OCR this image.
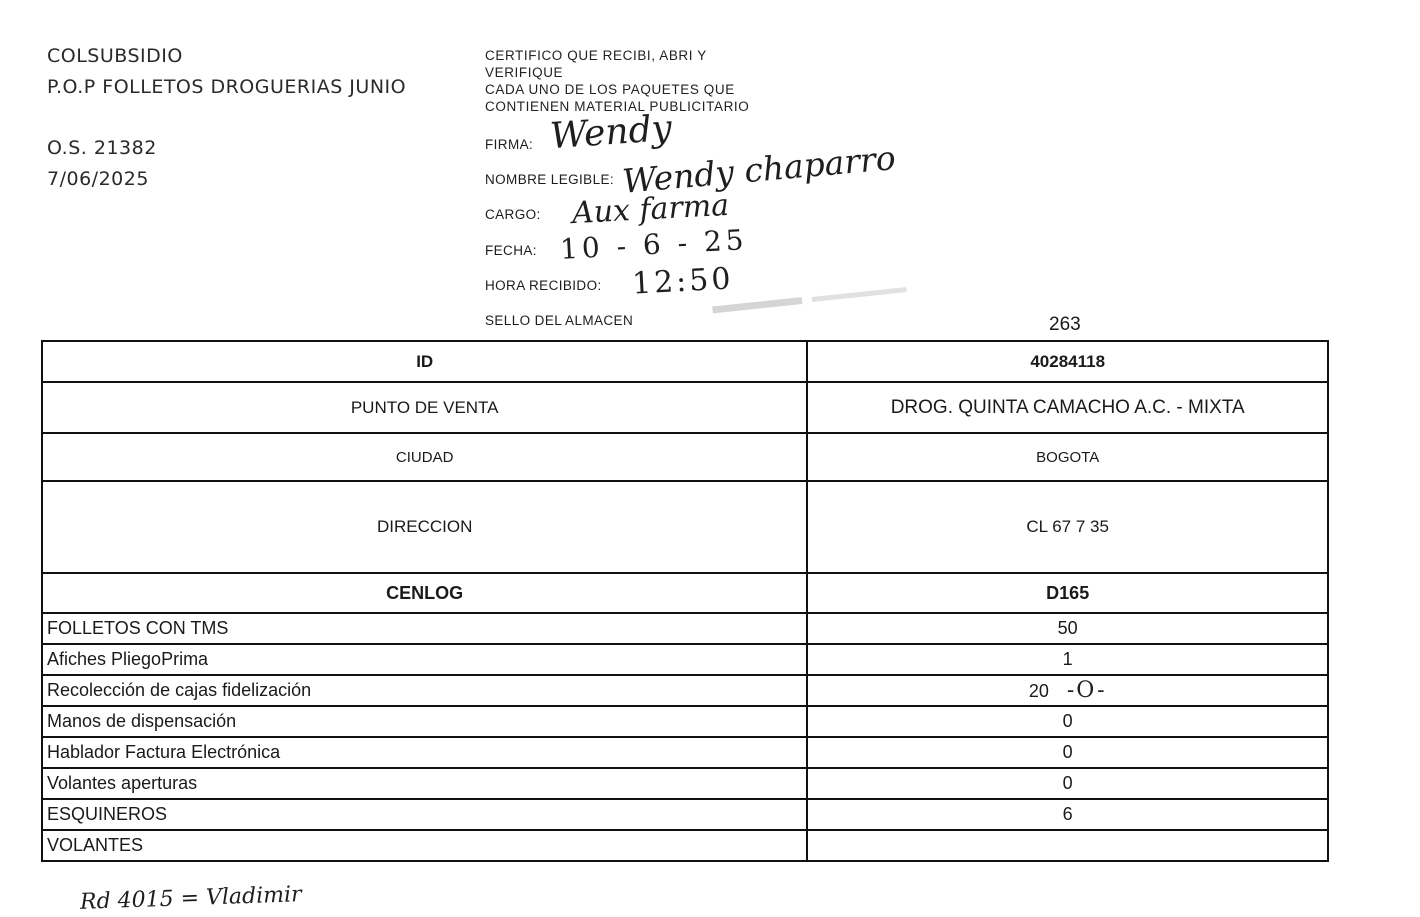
COLSUBSIDIO
P.O.P FOLLETOS DROGUERIAS JUNIO
O.S. 21382
7/06/2025
CERTIFICO QUE RECIBI, ABRI Y
VERIFIQUE
CADA UNO DE LOS PAQUETES QUE
CONTIENEN MATERIAL PUBLICITARIO
FIRMA: Wendy
NOMBRE LEGIBLE: Wendy chaparro
CARGO: Aux farma
FECHA: 10 - 6 - 25
HORA RECIBIDO: 12:50
SELLO DEL ALMACEN	263
ID	40284118
PUNTO DE VENTA	DROG. QUINTA CAMACHO A.C. - MIXTA
CIUDAD	BOGOTA
DIRECCION	CL 67 7 35
CENLOG	D165
FOLLETOS CON TMS	50
Afiches PliegoPrima	1
Recolección de cajas fidelización	20 -O-
Manos de dispensación	0
Hablador Factura Electrónica	0
Volantes aperturas	0
ESQUINEROS	6
VOLANTES	
Rd 4015 = Vladimir
